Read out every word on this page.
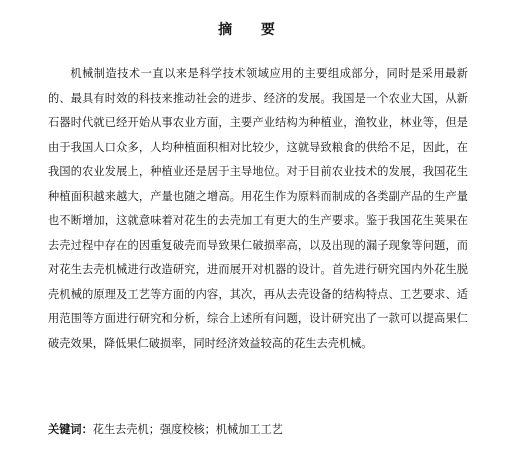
摘 要

机械制造技术一直以来是科学技术领域应用的主要组成部分，同时是采用最新的、最具有时效的科技来推动社会的进步、经济的发展。我国是一个农业大国，从新石器时代就已经开始从事农业方面，主要产业结构为种植业，渔牧业，林业等，但是由于我国人口众多，人均种植面积相对比较少，这就导致粮食的供给不足，因此，在我国的农业发展上，种植业还是居于主导地位。对于目前农业技术的发展，我国花生种植面积越来越大，产量也随之增高。用花生作为原料而制成的各类副产品的生产量也不断增加，这就意味着对花生的去壳加工有更大的生产要求。鉴于我国花生荚果在去壳过程中存在的因重复破壳而导致果仁破损率高，以及出现的漏子现象等问题，而对花生去壳机械进行改造研究，进而展开对机器的设计。首先进行研究国内外花生脱壳机械的原理及工艺等方面的内容，其次，再从去壳设备的结构特点、工艺要求、适用范围等方面进行研究和分析，综合上述所有问题，设计研究出了一款可以提高果仁破壳效果，降低果仁破损率，同时经济效益较高的花生去壳机械。

关键词：花生去壳机；强度校核；机械加工工艺
